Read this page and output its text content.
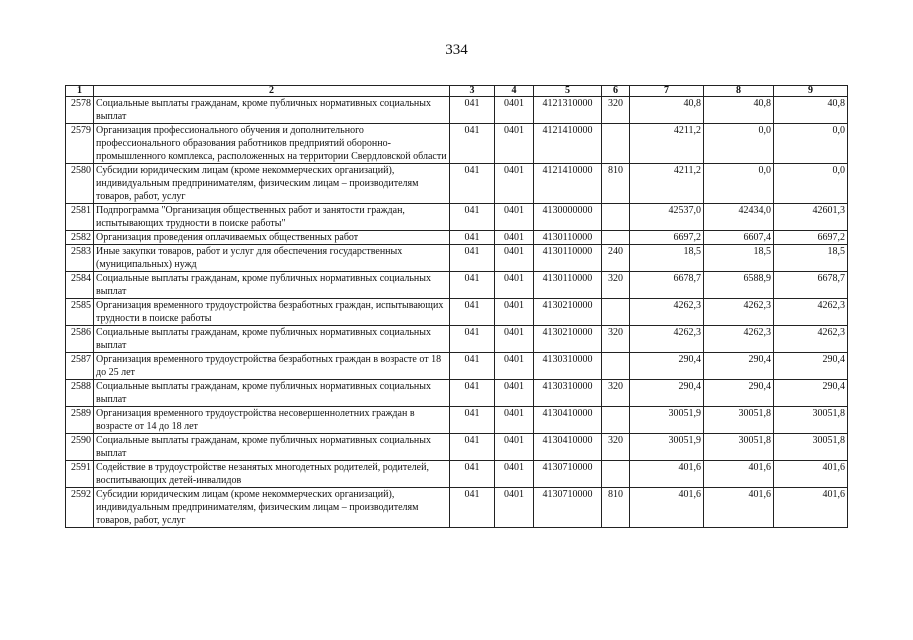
334
1	2	3	4	5	6	7	8	9
2578	Социальные выплаты гражданам, кроме публичных нормативных социальных выплат	041	0401	4121310000	320	40,8	40,8	40,8
2579	Организация профессионального обучения и дополнительного профессионального образования работников предприятий оборонно-промышленного комплекса, расположенных на территории Свердловской области	041	0401	4121410000		4211,2	0,0	0,0
2580	Субсидии юридическим лицам (кроме некоммерческих организаций), индивидуальным предпринимателям, физическим лицам – производителям товаров, работ, услуг	041	0401	4121410000	810	4211,2	0,0	0,0
2581	Подпрограмма "Организация общественных работ и занятости граждан, испытывающих трудности в поиске работы"	041	0401	4130000000		42537,0	42434,0	42601,3
2582	Организация проведения оплачиваемых общественных работ	041	0401	4130110000		6697,2	6607,4	6697,2
2583	Иные закупки товаров, работ и услуг для обеспечения государственных (муниципальных) нужд	041	0401	4130110000	240	18,5	18,5	18,5
2584	Социальные выплаты гражданам, кроме публичных нормативных социальных выплат	041	0401	4130110000	320	6678,7	6588,9	6678,7
2585	Организация временного трудоустройства безработных граждан, испытывающих трудности в поиске работы	041	0401	4130210000		4262,3	4262,3	4262,3
2586	Социальные выплаты гражданам, кроме публичных нормативных социальных выплат	041	0401	4130210000	320	4262,3	4262,3	4262,3
2587	Организация временного трудоустройства безработных граждан в возрасте от 18 до 25 лет	041	0401	4130310000		290,4	290,4	290,4
2588	Социальные выплаты гражданам, кроме публичных нормативных социальных выплат	041	0401	4130310000	320	290,4	290,4	290,4
2589	Организация временного трудоустройства несовершеннолетних граждан в возрасте от 14 до 18 лет	041	0401	4130410000		30051,9	30051,8	30051,8
2590	Социальные выплаты гражданам, кроме публичных нормативных социальных выплат	041	0401	4130410000	320	30051,9	30051,8	30051,8
2591	Содействие в трудоустройстве незанятых многодетных родителей, родителей, воспитывающих детей-инвалидов	041	0401	4130710000		401,6	401,6	401,6
2592	Субсидии юридическим лицам (кроме некоммерческих организаций), индивидуальным предпринимателям, физическим лицам – производителям товаров, работ, услуг	041	0401	4130710000	810	401,6	401,6	401,6
